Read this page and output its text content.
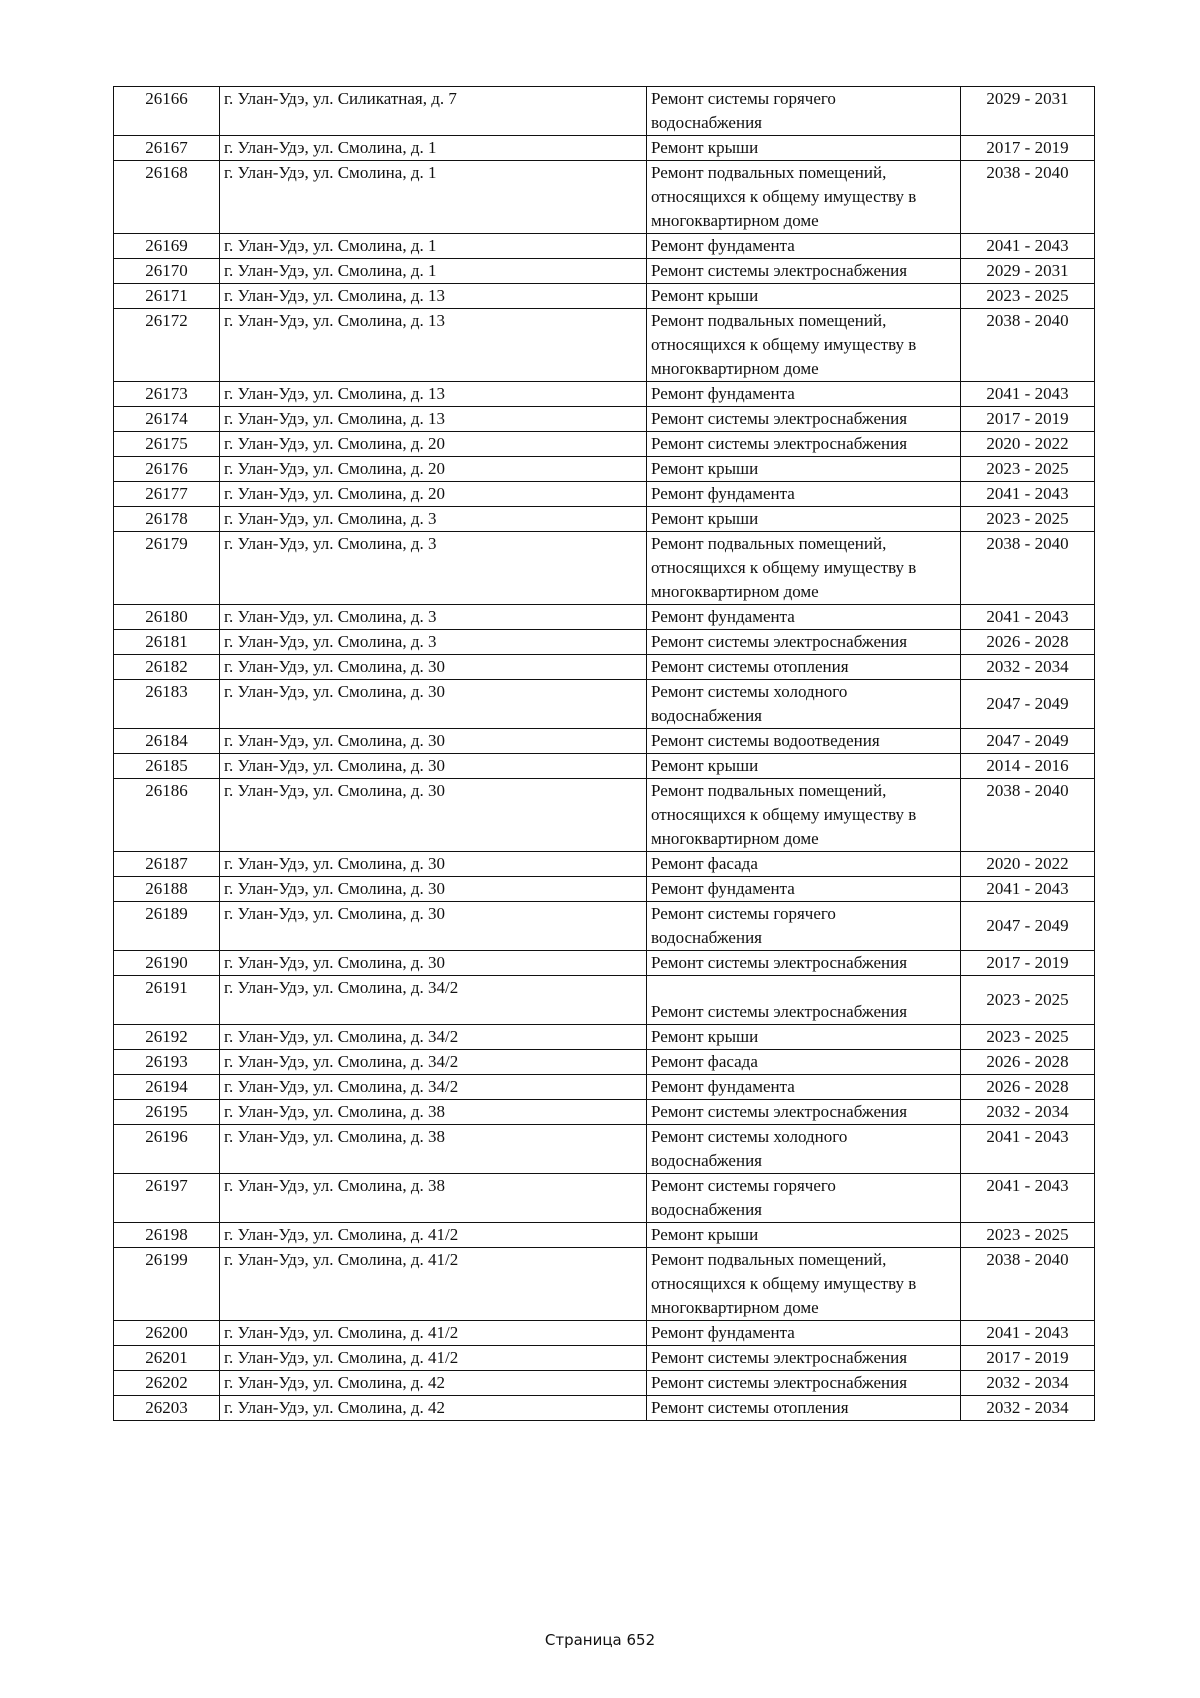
26166	г. Улан-Удэ, ул. Силикатная, д. 7	Ремонт системы горячего
водоснабжения	2029 - 2031
26167	г. Улан-Удэ, ул. Смолина, д. 1	Ремонт крыши	2017 - 2019
26168	г. Улан-Удэ, ул. Смолина, д. 1	Ремонт подвальных помещений,
относящихся к общему имуществу в
многоквартирном доме	2038 - 2040
26169	г. Улан-Удэ, ул. Смолина, д. 1	Ремонт фундамента	2041 - 2043
26170	г. Улан-Удэ, ул. Смолина, д. 1	Ремонт системы электроснабжения	2029 - 2031
26171	г. Улан-Удэ, ул. Смолина, д. 13	Ремонт крыши	2023 - 2025
26172	г. Улан-Удэ, ул. Смолина, д. 13	Ремонт подвальных помещений,
относящихся к общему имуществу в
многоквартирном доме	2038 - 2040
26173	г. Улан-Удэ, ул. Смолина, д. 13	Ремонт фундамента	2041 - 2043
26174	г. Улан-Удэ, ул. Смолина, д. 13	Ремонт системы электроснабжения	2017 - 2019
26175	г. Улан-Удэ, ул. Смолина, д. 20	Ремонт системы электроснабжения	2020 - 2022
26176	г. Улан-Удэ, ул. Смолина, д. 20	Ремонт крыши	2023 - 2025
26177	г. Улан-Удэ, ул. Смолина, д. 20	Ремонт фундамента	2041 - 2043
26178	г. Улан-Удэ, ул. Смолина, д. 3	Ремонт крыши	2023 - 2025
26179	г. Улан-Удэ, ул. Смолина, д. 3	Ремонт подвальных помещений,
относящихся к общему имуществу в
многоквартирном доме	2038 - 2040
26180	г. Улан-Удэ, ул. Смолина, д. 3	Ремонт фундамента	2041 - 2043
26181	г. Улан-Удэ, ул. Смолина, д. 3	Ремонт системы электроснабжения	2026 - 2028
26182	г. Улан-Удэ, ул. Смолина, д. 30	Ремонт системы отопления	2032 - 2034
26183	г. Улан-Удэ, ул. Смолина, д. 30	Ремонт системы холодного
водоснабжения	2047 - 2049
26184	г. Улан-Удэ, ул. Смолина, д. 30	Ремонт системы водоотведения	2047 - 2049
26185	г. Улан-Удэ, ул. Смолина, д. 30	Ремонт крыши	2014 - 2016
26186	г. Улан-Удэ, ул. Смолина, д. 30	Ремонт подвальных помещений,
относящихся к общему имуществу в
многоквартирном доме	2038 - 2040
26187	г. Улан-Удэ, ул. Смолина, д. 30	Ремонт фасада	2020 - 2022
26188	г. Улан-Удэ, ул. Смолина, д. 30	Ремонт фундамента	2041 - 2043
26189	г. Улан-Удэ, ул. Смолина, д. 30	Ремонт системы горячего
водоснабжения	2047 - 2049
26190	г. Улан-Удэ, ул. Смолина, д. 30	Ремонт системы электроснабжения	2017 - 2019
26191	г. Улан-Удэ, ул. Смолина, д. 34/2	
Ремонт системы электроснабжения	2023 - 2025
26192	г. Улан-Удэ, ул. Смолина, д. 34/2	Ремонт крыши	2023 - 2025
26193	г. Улан-Удэ, ул. Смолина, д. 34/2	Ремонт фасада	2026 - 2028
26194	г. Улан-Удэ, ул. Смолина, д. 34/2	Ремонт фундамента	2026 - 2028
26195	г. Улан-Удэ, ул. Смолина, д. 38	Ремонт системы электроснабжения	2032 - 2034
26196	г. Улан-Удэ, ул. Смолина, д. 38	Ремонт системы холодного
водоснабжения	2041 - 2043
26197	г. Улан-Удэ, ул. Смолина, д. 38	Ремонт системы горячего
водоснабжения	2041 - 2043
26198	г. Улан-Удэ, ул. Смолина, д. 41/2	Ремонт крыши	2023 - 2025
26199	г. Улан-Удэ, ул. Смолина, д. 41/2	Ремонт подвальных помещений,
относящихся к общему имуществу в
многоквартирном доме	2038 - 2040
26200	г. Улан-Удэ, ул. Смолина, д. 41/2	Ремонт фундамента	2041 - 2043
26201	г. Улан-Удэ, ул. Смолина, д. 41/2	Ремонт системы электроснабжения	2017 - 2019
26202	г. Улан-Удэ, ул. Смолина, д. 42	Ремонт системы электроснабжения	2032 - 2034
26203	г. Улан-Удэ, ул. Смолина, д. 42	Ремонт системы отопления	2032 - 2034
Страница 652
